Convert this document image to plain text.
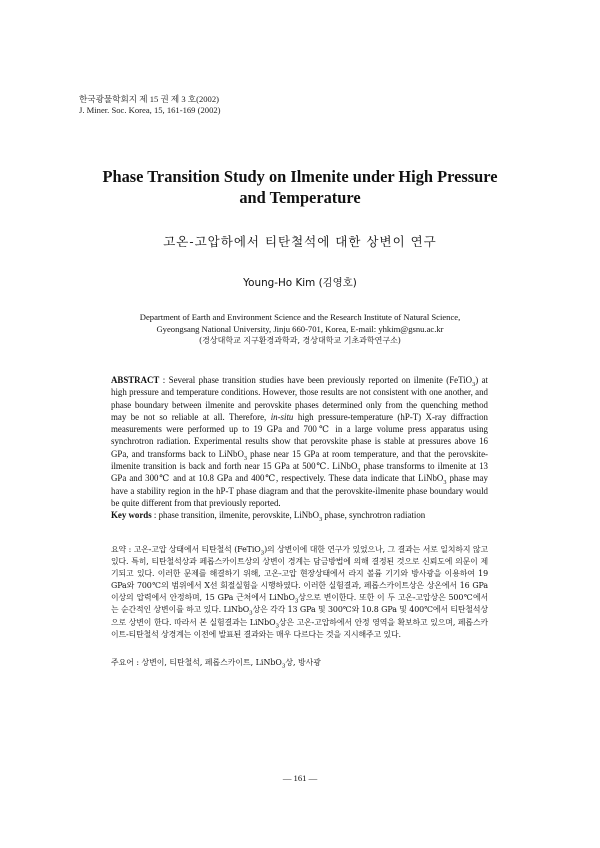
한국광물학회지 제 15 권 제 3 호(2002)
J. Miner. Soc. Korea, 15, 161-169 (2002)
Phase Transition Study on Ilmenite under High Pressure
and Temperature
고온-고압하에서 티탄철석에 대한 상변이 연구
Young-Ho Kim (김영호)
Department of Earth and Environment Science and the Research Institute of Natural Science,
Gyeongsang National University, Jinju 660-701, Korea, E-mail: yhkim@gsnu.ac.kr
(경상대학교 지구환경과학과, 경상대학교 기초과학연구소)
ABSTRACT : Several phase transition studies have been previously reported on ilmenite (FeTiO$_3$) at high pressure and temperature conditions. However, those results are not consistent with one another, and phase boundary between ilmenite and perovskite phases determined only from the quenching method may be not so reliable at all. Therefore, in-situ high pressure-temperature (hP-T) X-ray diffraction measurements were performed up to 19 GPa and 700℃ in a large volume press apparatus using synchrotron radiation. Experimental results show that perovskite phase is stable at pressures above 16 GPa, and transforms back to LiNbO$_3$ phase near 15 GPa at room temperature, and that the perovskite-ilmenite transition is back and forth near 15 GPa at 500℃. LiNbO$_3$ phase transforms to ilmenite at 13 GPa and 300℃ and at 10.8 GPa and 400℃, respectively. These data indicate that LiNbO$_3$ phase may have a stability region in the hP-T phase diagram and that the perovskite-ilmenite phase boundary would be quite different from that previously reported.
Key words : phase transition, ilmenite, perovskite, LiNbO$_3$ phase, synchrotron radiation
요약 : 고온-고압 상태에서 티탄철석 (FeTiO$_3$)의 상변이에 대한 연구가 있었으나, 그 결과는 서로 일치하지 않고 있다. 특히, 티탄철석상과 페롭스카이트상의 상변이 경계는 담금방법에 의해 결정된 것으로 신뢰도에 의문이 제기되고 있다. 이러한 문제를 해결하기 위해, 고온-고압 현장상태에서 라지 볼륨 기기와 방사광을 이용하여 19 GPa와 700℃의 범위에서 X선 회절실험을 시행하였다. 이러한 실험결과, 페롭스카이트상은 상온에서 16 GPa 이상의 압력에서 안정하며, 15 GPa 근처에서 LiNbO$_3$상으로 변이한다. 또한 이 두 고온-고압상은 500℃에서는 순간적인 상변이를 하고 있다. LiNbO$_3$상은 각각 13 GPa 및 300℃와 10.8 GPa 및 400℃에서 티탄철석상으로 상변이 한다. 따라서 본 실험결과는 LiNbO$_3$상은 고온-고압하에서 안정 영역을 확보하고 있으며, 페롭스카이트-티탄철석 상경계는 이전에 발표된 결과와는 매우 다르다는 것을 지시해주고 있다.
주요어 : 상변이, 티탄철석, 페롭스카이트, LiNbO$_3$상, 방사광
— 161 —
